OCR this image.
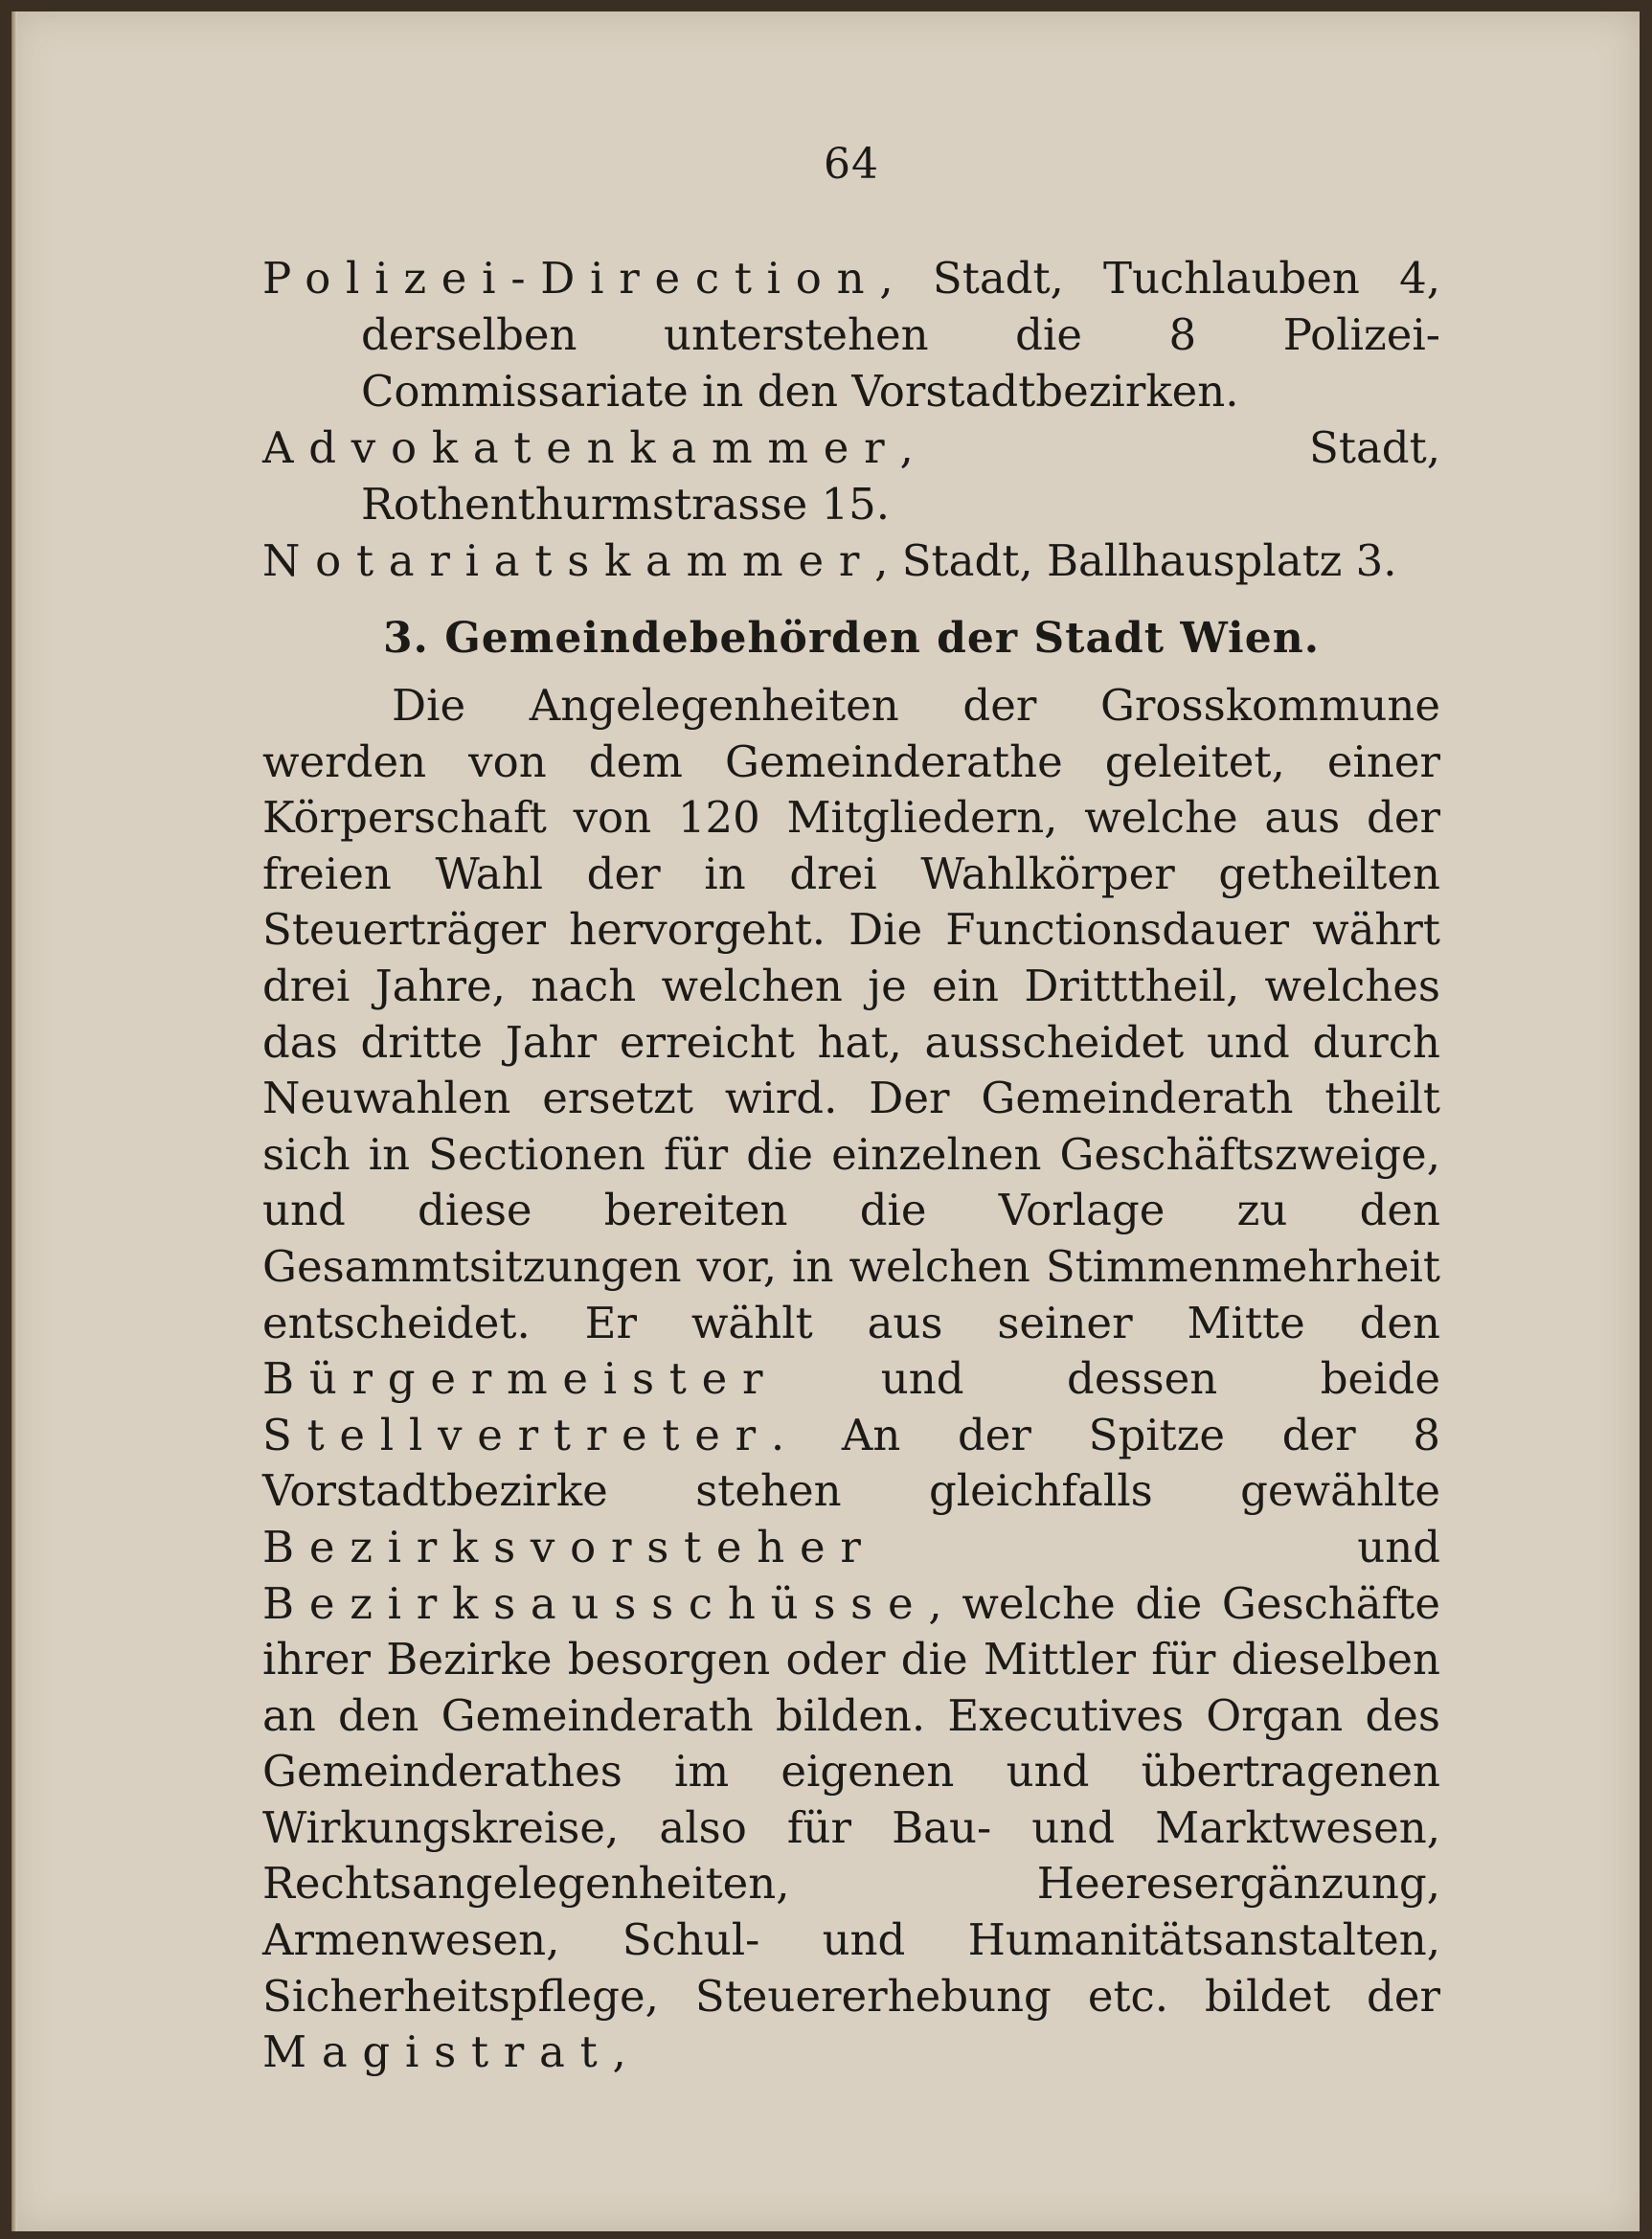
64

Polizei-Direction, Stadt, Tuchlauben 4, derselben unterstehen die 8 Polizei-Commissariate in den Vorstadtbezirken.

Advokatenkammer, Stadt, Rothenthurmstrasse 15.

Notariatskammer, Stadt, Ballhausplatz 3.

3. Gemeindebehörden der Stadt Wien.

Die Angelegenheiten der Grosskommune werden von dem Gemeinderathe geleitet, einer Körperschaft von 120 Mitgliedern, welche aus der freien Wahl der in drei Wahlkörper getheilten Steuerträger hervorgeht. Die Functionsdauer währt drei Jahre, nach welchen je ein Dritttheil, welches das dritte Jahr erreicht hat, ausscheidet und durch Neuwahlen ersetzt wird. Der Gemeinderath theilt sich in Sectionen für die einzelnen Geschäftszweige, und diese bereiten die Vorlage zu den Gesammtsitzungen vor, in welchen Stimmenmehrheit entscheidet. Er wählt aus seiner Mitte den Bürgermeister und dessen beide Stellvertreter. An der Spitze der 8 Vorstadtbezirke stehen gleichfalls gewählte Bezirksvorsteher und Bezirksausschüsse, welche die Geschäfte ihrer Bezirke besorgen oder die Mittler für dieselben an den Gemeinderath bilden. Executives Organ des Gemeinderathes im eigenen und übertragenen Wirkungskreise, also für Bau- und Marktwesen, Rechtsangelegenheiten, Heeresergänzung, Armenwesen, Schul- und Humanitätsanstalten, Sicherheitspflege, Steuererhebung etc. bildet der Magistrat,
